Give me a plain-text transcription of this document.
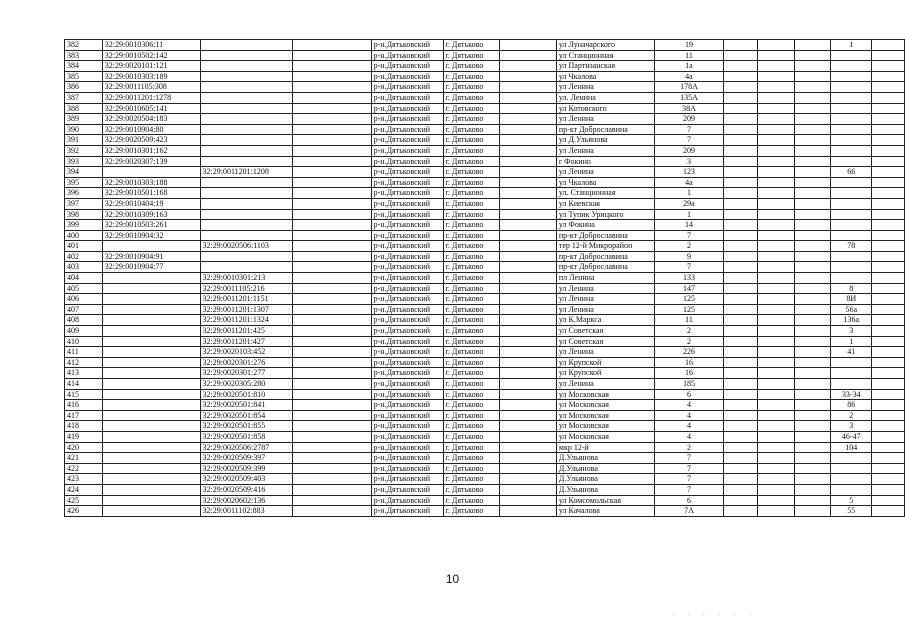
382	32:29:0010306:11			р-н.Дятьковский	г. Дятьково		ул Луначарского	19				1	
383	32:29:0010502:142			р-н.Дятьковский	г. Дятьково		ул Станционная	11					
384	32:29:0020101:121			р-н.Дятьковский	г. Дятьково		ул Партизанская	1а					
385	32:29:0010303:189			р-н.Дятьковский	г. Дятьково		ул Чкалова	4а					
386	32:29:0011105:308			р-н.Дятьковский	г. Дятьково		ул Ленина	178А					
387	32:29:0011201:1278			р-н.Дятьковский	г. Дятьково		ул. Ленина	135А					
388	32:29:0010605:141			р-н.Дятьковский	г. Дятьково		ул Котовского	38А					
389	32:29:0020504:183			р-н.Дятьковский	г. Дятьково		ул Ленина	209					
390	32:29:0010904:80			р-н.Дятьковский	г. Дятьково		пр-кт Доброславина	7					
391	32:29:0020509:423			р-н.Дятьковский	г. Дятьково		ул Д.Ульянова	7					
392	32:29:0010301:162			р-н.Дятьковский	г. Дятьково		ул Ленина	209					
393	32:29:0020307:139			р-н.Дятьковский	г. Дятьково		г Фокино	3					
394		32:29:0011201:1208		р-н.Дятьковский	г. Дятьково		ул Ленина	123				66	
395	32:29:0010303:188			р-н.Дятьковский	г. Дятьково		ул Чкалова	4а					
396	32:29:0010501:168			р-н.Дятьковский	г. Дятьково		ул. Станционная	1					
397	32:29:0010404:19			р-н.Дятьковский	г. Дятьково		ул Киевская	29а					
398	32:29:0010309:163			р-н.Дятьковский	г. Дятьково		ул Тупик Урицкого	1					
399	32:29:0010503:261			р-н.Дятьковский	г. Дятьково		ул Фокина	14					
400	32:29:0010904:32			р-н.Дятьковский	г. Дятьково		пр-кт Доброславина	7					
401		32:29:0020506:1103		р-н.Дятьковский	г. Дятьково		тер 12-й Микрорайон	2				78	
402	32:29:0010904:91			р-н.Дятьковский	г. Дятьково		пр-кт Доброславина	9					
403	32:29:0010904:77			р-н.Дятьковский	г. Дятьково		пр-кт Доброславина	7					
404		32:29:0010301:213		р-н.Дятьковский	г. Дятьково		пл Ленина	133					
405		32:29:0011105:216		р-н.Дятьковский	г. Дятьково		ул Ленина	147				8	
406		32:29:0011201:1151		р-н.Дятьковский	г. Дятьково		ул Ленина	125				8И	
407		32:29:0011201:1307		р-н.Дятьковский	г. Дятьково		ул Ленина	125				56а	
408		32:29:0011201:1324		р-н.Дятьковский	г. Дятьково		ул К.Маркса	11				136а	
409		32:29:0011201:425		р-н.Дятьковский	г. Дятьково		ул Советская	2				3	
410		32:29:0011201:427		р-н.Дятьковский	г. Дятьково		ул Советская	2				1	
411		32:29:0020103:452		р-н.Дятьковский	г. Дятьково		ул Ленина	226				41	
412		32:29:0020301:276		р-н.Дятьковский	г. Дятьково		ул Крупской	16					
413		32:29:0020301:277		р-н.Дятьковский	г. Дятьково		ул Крупской	16					
414		32:29:0020305:280		р-н.Дятьковский	г. Дятьково		ул Ленина	185					
415		32:29:0020501:810		р-н.Дятьковский	г. Дятьково		ул Московская	6				33-34	
416		32:29:0020501:841		р-н.Дятьковский	г. Дятьково		ул Московская	4				86	
417		32:29:0020501:854		р-н.Дятьковский	г. Дятьково		ул Московская	4				2	
418		32:29:0020501:855		р-н.Дятьковский	г. Дятьково		ул Московская	4				3	
419		32:29:0020501:858		р-н.Дятьковский	г. Дятьково		ул Московская	4				46-47	
420		32:29:0020506:2787		р-н.Дятьковский	г. Дятьково		мкр 12-й	2				104	
421		32:29:0020509:397		р-н.Дятьковский	г. Дятьково		Д.Ульянова	7					
422		32:29:0020509:399		р-н.Дятьковский	г. Дятьково		Д.Ульянова	7					
423		32:29:0020509:403		р-н.Дятьковский	г. Дятьково		Д.Ульянова	7					
424		32:29:0020509:416		р-н.Дятьковский	г. Дятьково		Д.Ульянова	7					
425		32:29:0020602:136		р-н.Дятьковский	г. Дятьково		ул Комсомольская	6				5	
426		32:29:0011102:883		р-н.Дятьковский	г. Дятьково		ул Качалова	7А				55	
10
. . . . . .
